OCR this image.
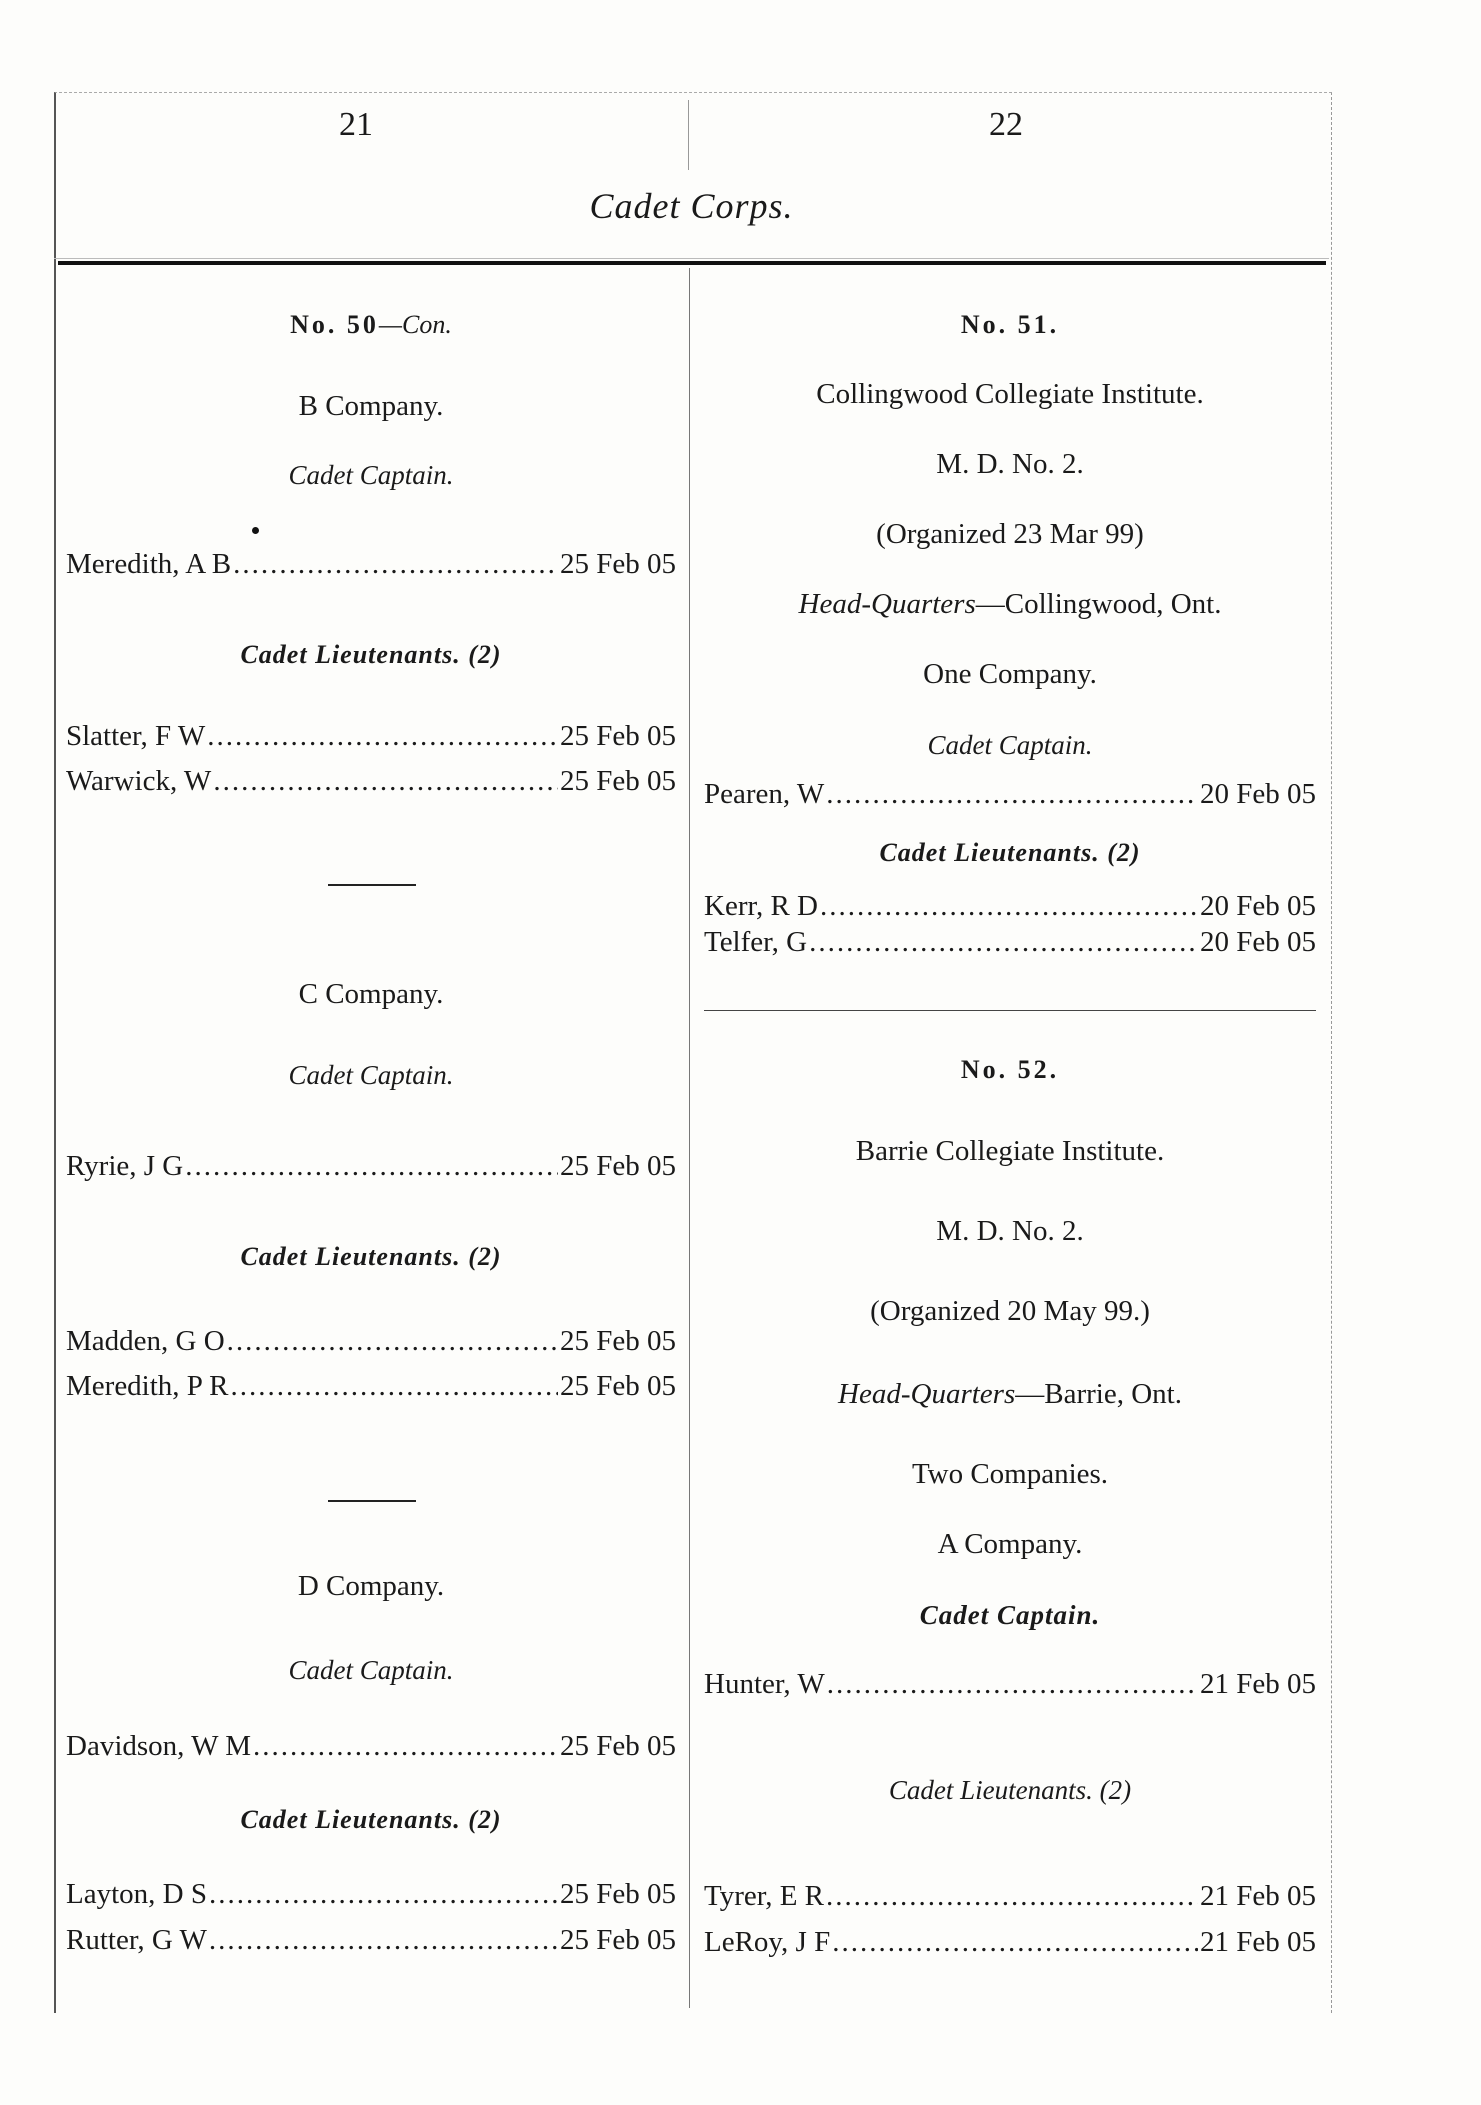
21	22
Cadet Corps.
No. 50—Con.
B Company.
Cadet Captain.
Meredith, A B .....	25 Feb 05
Cadet Lieutenants. (2)
Slatter, F W .....	25 Feb 05
Warwick, W .....	25 Feb 05
C Company.
Cadet Captain.
Ryrie, J G .....	25 Feb 05
Cadet Lieutenants. (2)
Madden, G O .....	25 Feb 05
Meredith, P R .....	25 Feb 05
D Company.
Cadet Captain.
Davidson, W M .....	25 Feb 05
Cadet Lieutenants. (2)
Layton, D S .....	25 Feb 05
Rutter, G W .....	25 Feb 05
No. 51.
Collingwood Collegiate Institute.
M. D. No. 2.
(Organized 23 Mar 99)
Head-Quarters—Collingwood, Ont.
One Company.
Cadet Captain.
Pearen, W .....	20 Feb 05
Cadet Lieutenants. (2)
Kerr, R D .....	20 Feb 05
Telfer, G .....	20 Feb 05
No. 52.
Barrie Collegiate Institute.
M. D. No. 2.
(Organized 20 May 99.)
Head-Quarters—Barrie, Ont.
Two Companies.
A Company.
Cadet Captain.
Hunter, W .....	21 Feb 05
Cadet Lieutenants. (2)
Tyrer, E R .....	21 Feb 05
LeRoy, J F .....	21 Feb 05
